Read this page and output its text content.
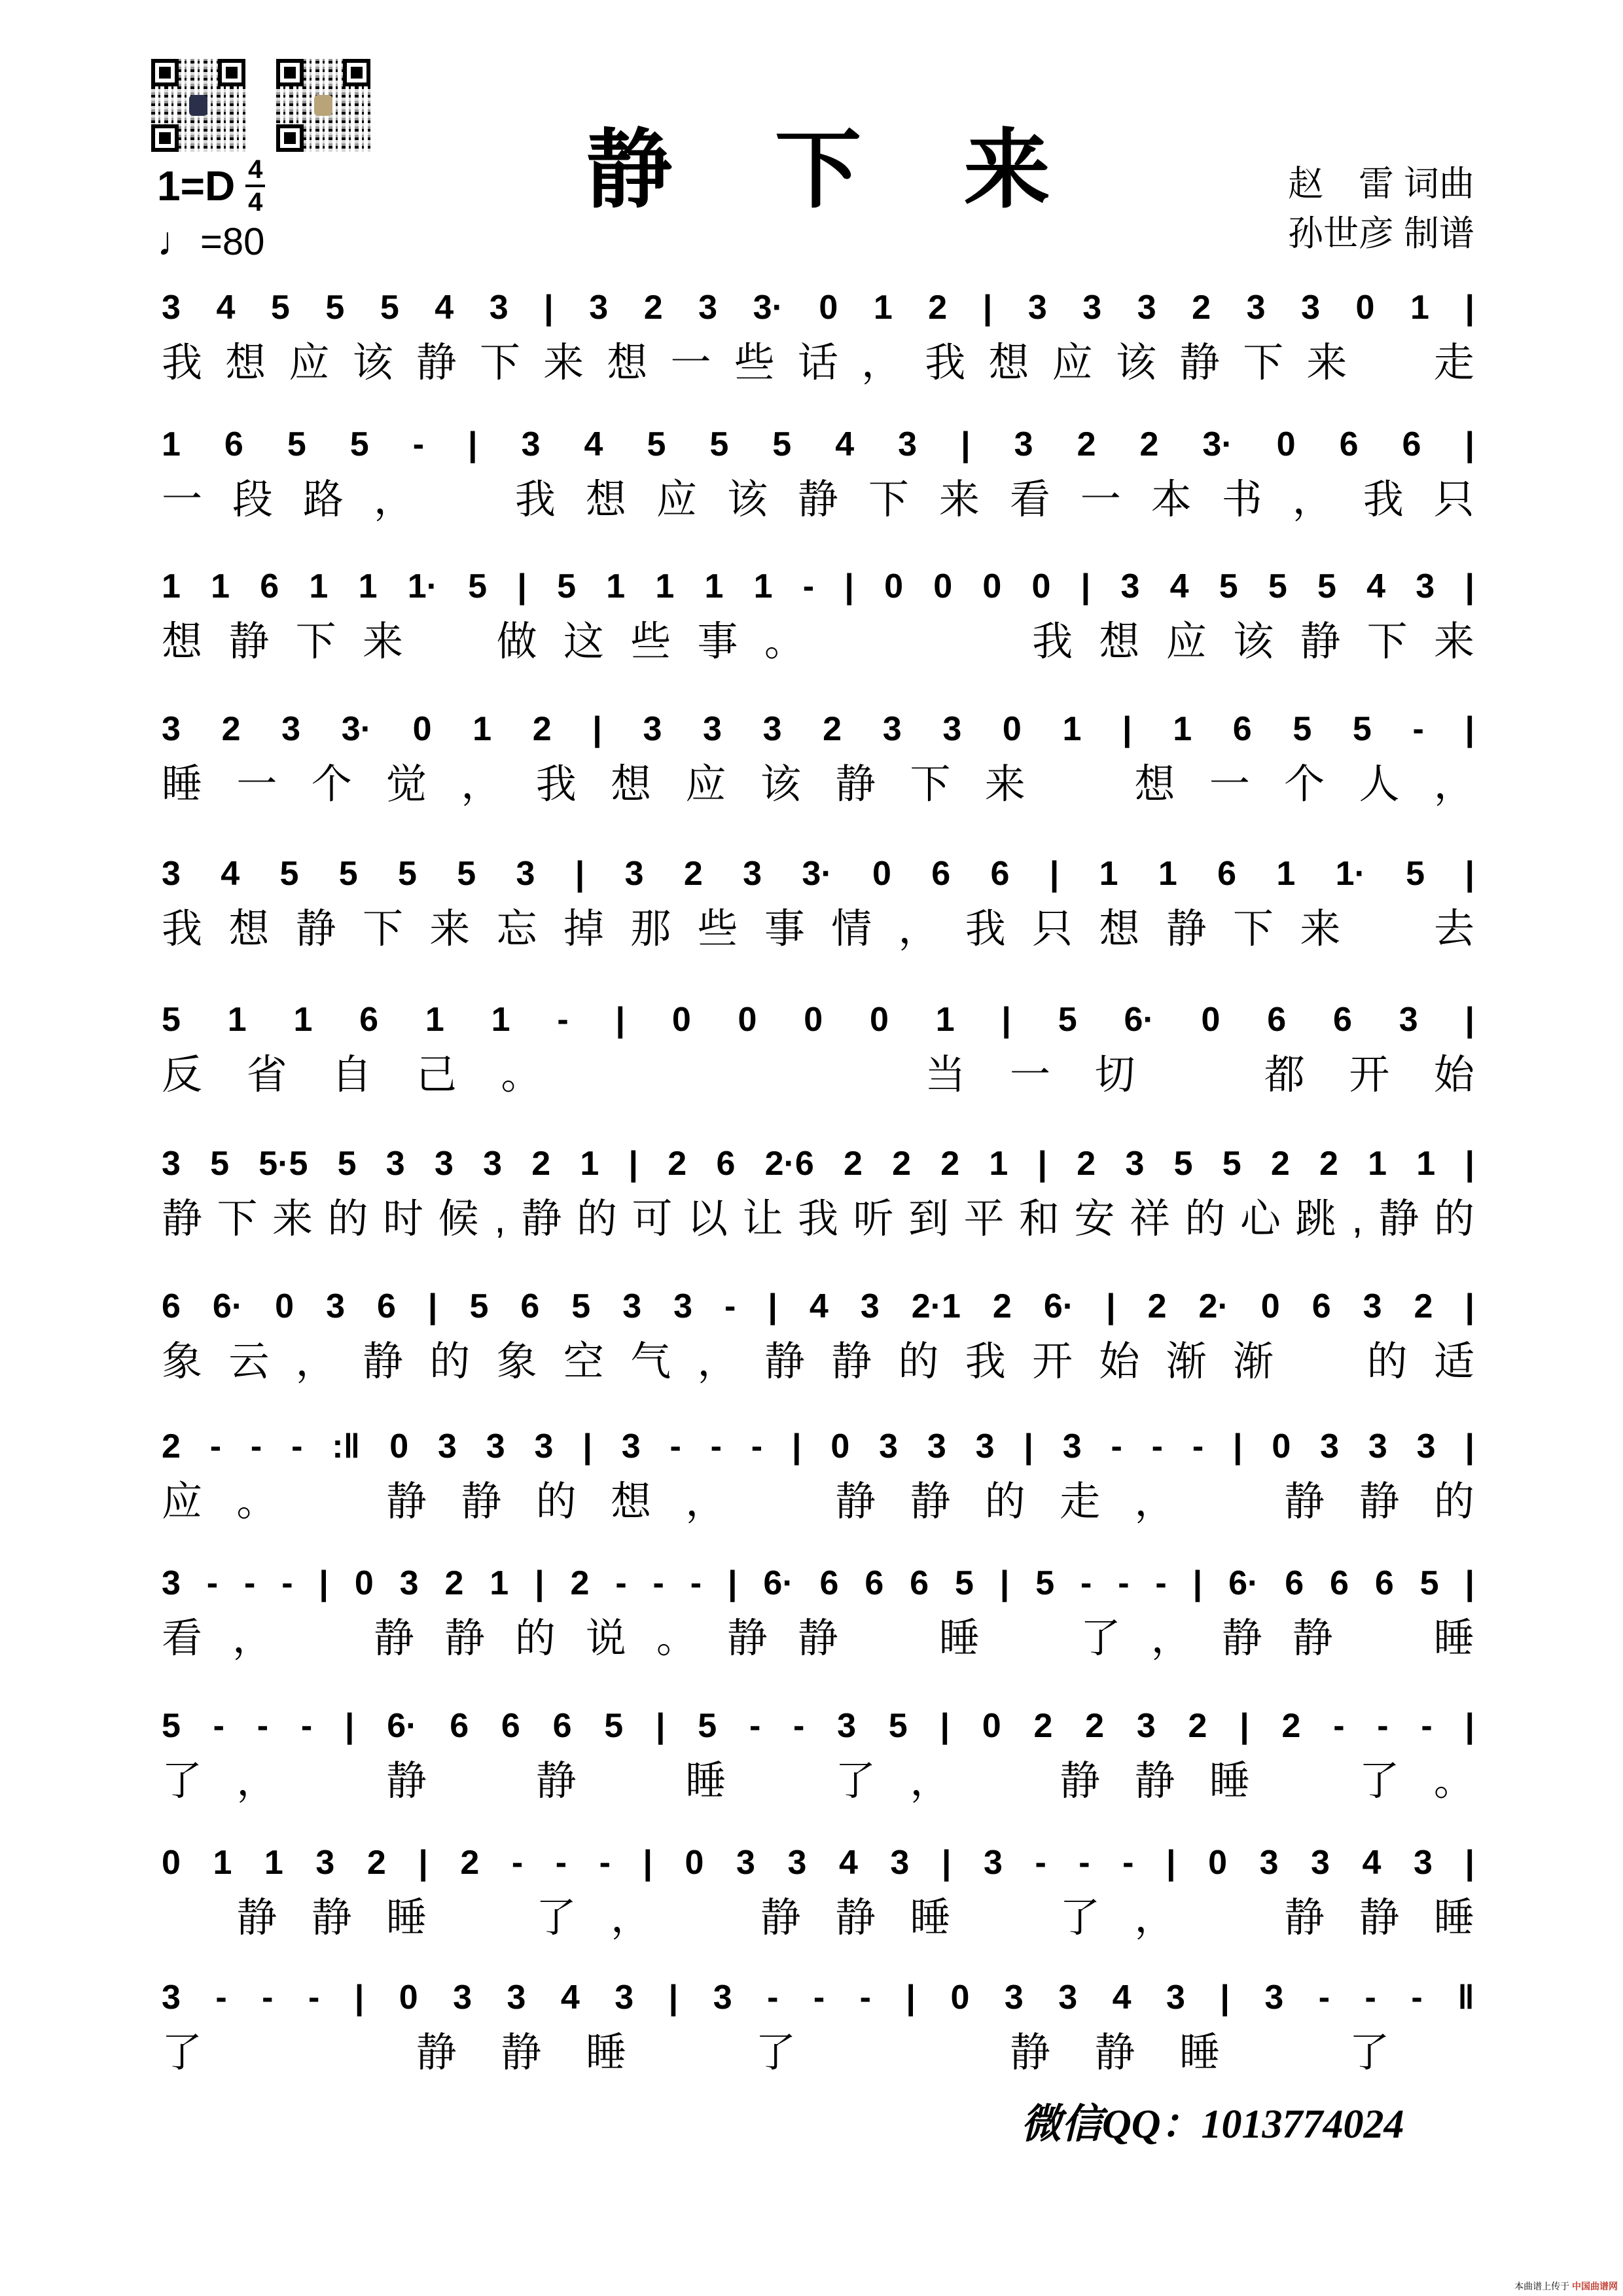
$1=D \frac{4}{4}$
♩ =80
静 下 来	赵　雷 词曲
孙世彦 制谱
3 4 5 5 5 4 3 | 3 2 3 3· 0 1 2 | 3 3 3 2 3 3 0 1 |
我 想 应 该 静 下 来 想 一 些 话 ， 我 想 应 该 静 下 来
　 走
1 6 5 5 - | 3 4 5 5 5 4 3 | 3 2 2 3· 0 6 6 |
一 段 路 ，
　 我 想 应 该 静 下 来 看 一 本 书 ， 我 只
1 1 6 1 1 1· 5 | 5 1 1 1 1 - | 0 0 0 0 | 3 4 5 5 5 4 3 |
想 静 下 来
　 做 这 些 事 。

　	我 想 应 该 静 下 来
3 2 3 3· 0 1 2 | 3 3 3 2 3 3 0 1 | 1 6 5 5 - |
睡 一 个 觉 ， 我 想 应 该 静 下 来
　	想 一 个 人 ，
3 4 5 5 5 5 3 | 3 2 3 3· 0 6 6 | 1 1 6 1 1· 5 |
我 想 静 下 来 忘 掉 那 些 事 情 ， 我 只 想 静 下 来
　 去
5 1 1 6 1 1 - | 0 0 0 0 1 | 5 6· 0 6 6 3 |
反 省 自 己 。

　	当 一 切
　	都 开 始
3 5 5·5 5 3 3 3 2 1 | 2 6 2·6 2 2 2 1 | 2 3 5 5 2 2 1 1 |
静 下 来 的 时 候 , 静 的 可 以 让 我 听 到 平 和 安 祥 的 心 跳 , 静 的
6 6· 0 3 6 | 5 6 5 3 3 - | 4 3 2·1 2 6· | 2 2· 0 6 3 2 |
象 云 ， 静 的 象 空 气 ， 静 静 的 我 开 始 渐 渐
　 的 适
2 - - - :‖ 0 3 3 3 | 3 - - - | 0 3 3 3 | 3 - - - | 0 3 3 3 |
应 。
　	静 静 的 想 ，
　	静 静 的 走 ，
　	静 静 的
3 - - - | 0 3 2 1 | 2 - - - | 6· 6 6 6 5 | 5 - - - | 6· 6 6 6 5 |
看 ，
　 静 静 的 说 。 静 静
　 睡
　 了 ， 静 静
　 睡
5 - - - | 6· 6 6 6 5 | 5 - - 3 5 | 0 2 2 3 2 | 2 - - - |
了 ，
　	静
　	静
　	睡
　	了 ，
　	静 静 睡
　	了 。
0 1 1 3 2 | 2 - - - | 0 3 3 4 3 | 3 - - - | 0 3 3 4 3 |

静 静 睡
　	了 ，
　	静 静 睡
　	了 ，
　	静 静 睡
3 - - - | 0 3 3 4 3 | 3 - - - | 0 3 3 4 3 | 3 - - - ‖
了

　	静 静 睡
　	了

　	静 静 睡
　	了

微信QQ：1013774024
本曲谱上传于 中国曲谱网
